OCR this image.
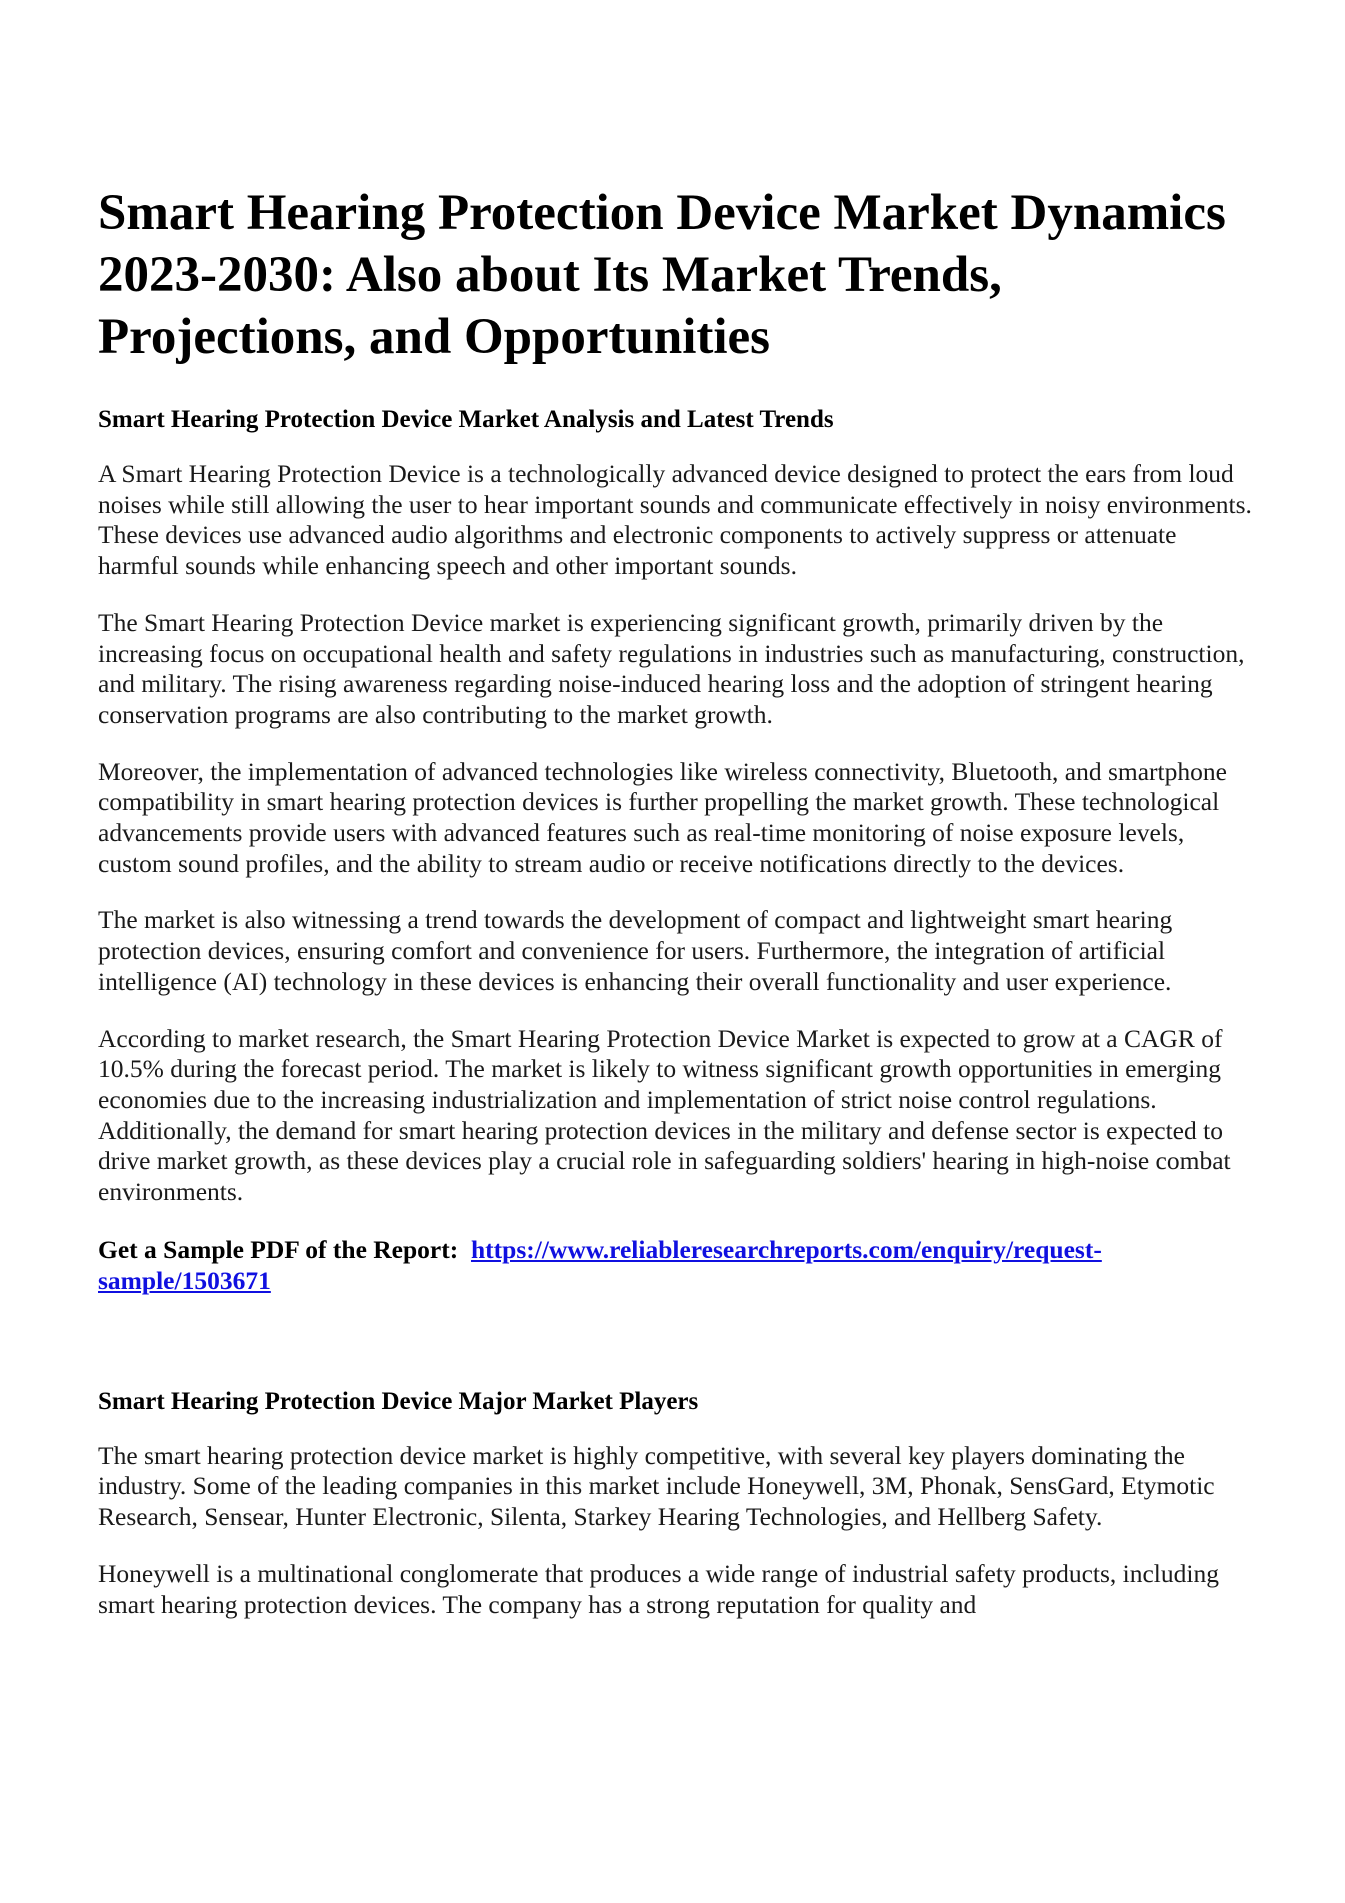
Smart Hearing Protection Device Market Dynamics 2023-2030: Also about Its Market Trends, Projections, and Opportunities
Smart Hearing Protection Device Market Analysis and Latest Trends

A Smart Hearing Protection Device is a technologically advanced device designed to protect the ears from loud noises while still allowing the user to hear important sounds and communicate effectively in noisy environments. These devices use advanced audio algorithms and electronic components to actively suppress or attenuate harmful sounds while enhancing speech and other important sounds.

The Smart Hearing Protection Device market is experiencing significant growth, primarily driven by the increasing focus on occupational health and safety regulations in industries such as manufacturing, construction, and military. The rising awareness regarding noise-induced hearing loss and the adoption of stringent hearing conservation programs are also contributing to the market growth.

Moreover, the implementation of advanced technologies like wireless connectivity, Bluetooth, and smartphone compatibility in smart hearing protection devices is further propelling the market growth. These technological advancements provide users with advanced features such as real-time monitoring of noise exposure levels, custom sound profiles, and the ability to stream audio or receive notifications directly to the devices.

The market is also witnessing a trend towards the development of compact and lightweight smart hearing protection devices, ensuring comfort and convenience for users. Furthermore, the integration of artificial intelligence (AI) technology in these devices is enhancing their overall functionality and user experience.

According to market research, the Smart Hearing Protection Device Market is expected to grow at a CAGR of 10.5% during the forecast period. The market is likely to witness significant growth opportunities in emerging economies due to the increasing industrialization and implementation of strict noise control regulations. Additionally, the demand for smart hearing protection devices in the military and defense sector is expected to drive market growth, as these devices play a crucial role in safeguarding soldiers' hearing in high-noise combat environments.

Get a Sample PDF of the Report: https://www.reliableresearchreports.com/enquiry/request-sample/1503671

Smart Hearing Protection Device Major Market Players

The smart hearing protection device market is highly competitive, with several key players dominating the industry. Some of the leading companies in this market include Honeywell, 3M, Phonak, SensGard, Etymotic Research, Sensear, Hunter Electronic, Silenta, Starkey Hearing Technologies, and Hellberg Safety.

Honeywell is a multinational conglomerate that produces a wide range of industrial safety products, including smart hearing protection devices. The company has a strong reputation for quality and
